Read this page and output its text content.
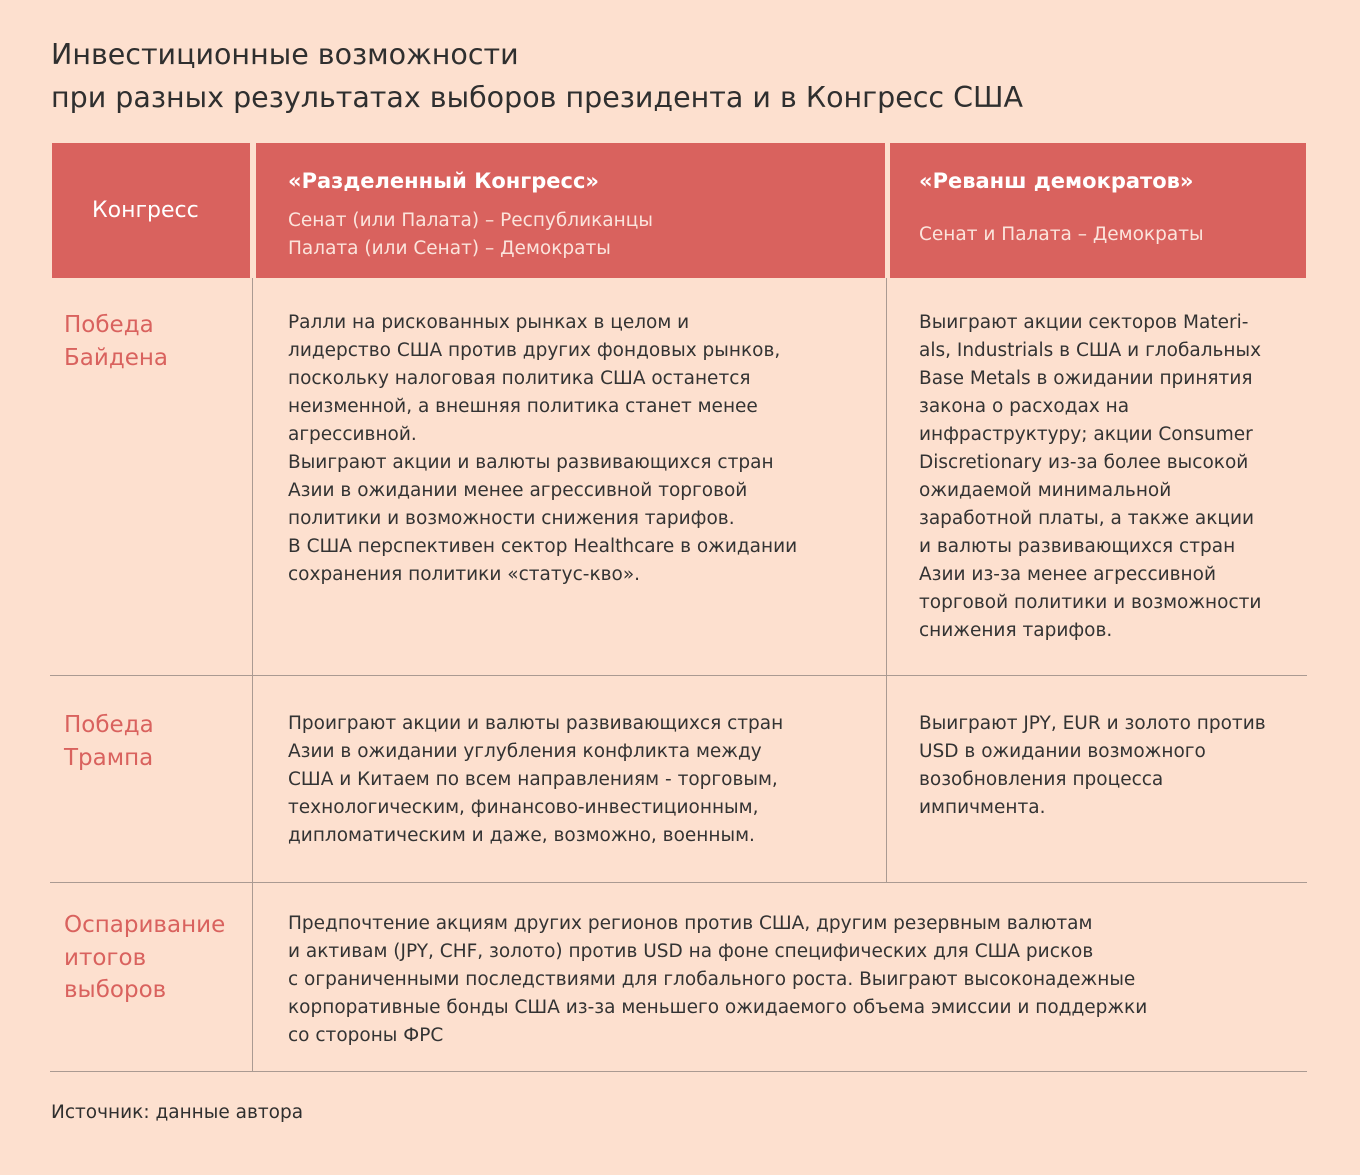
Инвестиционные возможности
при разных результатах выборов президента и в Конгресс США
Конгресс
«Разделенный Конгресс»
Сенат (или Палата) – Республиканцы
Палата (или Сенат) – Демократы
«Реванш демократов»
Сенат и Палата – Демократы
Победа
Байдена
Ралли на рискованных рынках в целом и
лидерство США против других фондовых рынков,
поскольку налоговая политика США останется
неизменной, а внешняя политика станет менее
агрессивной.
Выиграют акции и валюты развивающихся стран
Азии в ожидании менее агрессивной торговой
политики и возможности снижения тарифов.
В США перспективен сектор Healthcare в ожидании
сохранения политики «статус-кво».
Выиграют акции секторов Materi-
als, Industrials в США и глобальных
Base Metals в ожидании принятия
закона о расходах на
инфраструктуру; акции Consumer
Discretionary из-за более высокой
ожидаемой минимальной
заработной платы, а также акции
и валюты развивающихся стран
Азии из-за менее агрессивной
торговой политики и возможности
снижения тарифов.
Победа
Трампа
Проиграют акции и валюты развивающихся стран
Азии в ожидании углубления конфликта между
США и Китаем по всем направлениям - торговым,
технологическим, финансово-инвестиционным,
дипломатическим и даже, возможно, военным.
Выиграют JPY, EUR и золото против
USD в ожидании возможного
возобновления процесса
импичмента.
Оспаривание
итогов
выборов
Предпочтение акциям других регионов против США, другим резервным валютам
и активам (JPY, CHF, золото) против USD на фоне специфических для США рисков
с ограниченными последствиями для глобального роста. Выиграют высоконадежные
корпоративные бонды США из-за меньшего ожидаемого объема эмиссии и поддержки
со стороны ФРС
Источник: данные автора
